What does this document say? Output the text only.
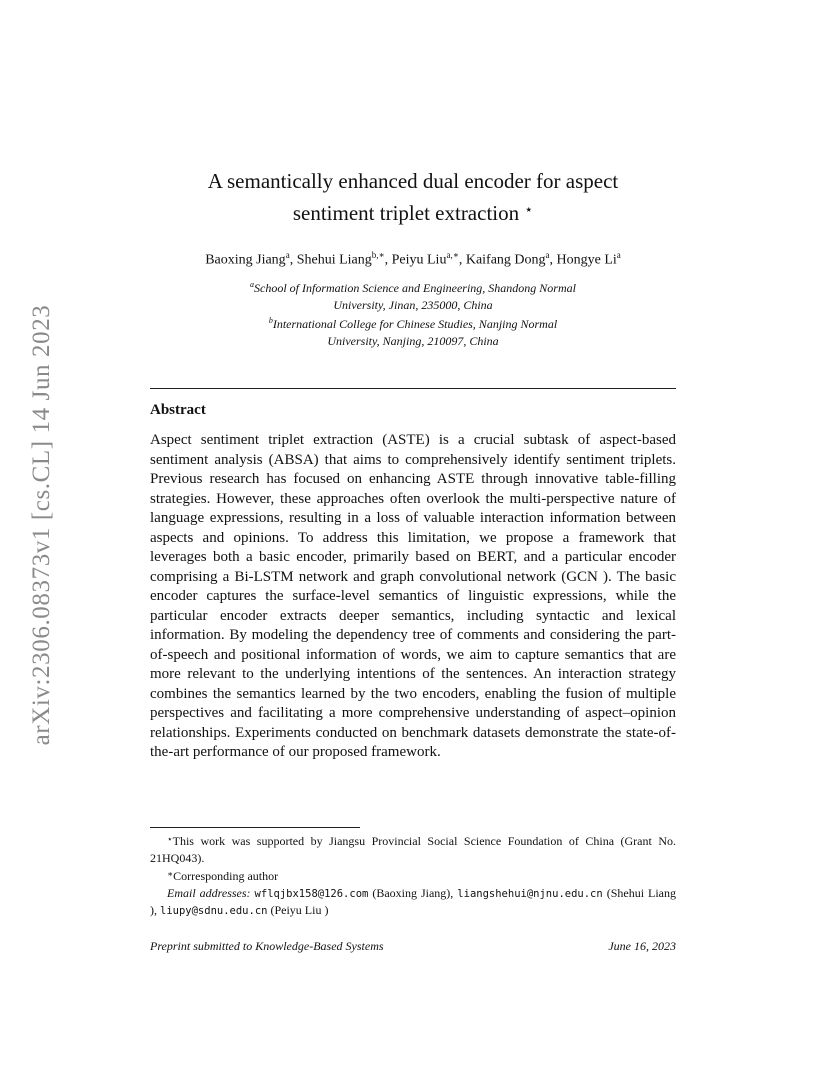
arXiv:2306.08373v1 [cs.CL] 14 Jun 2023
A semantically enhanced dual encoder for aspect
sentiment triplet extraction ⋆
Baoxing Jiang$^a$, Shehui Liang$^{b,∗}$, Peiyu Liu$^{a,∗}$, Kaifang Dong$^a$, Hongye Li$^a$
$^a$School of Information Science and Engineering, Shandong Normal
University, Jinan, 235000, China
$^b$International College for Chinese Studies, Nanjing Normal
University, Nanjing, 210097, China
Abstract
Aspect sentiment triplet extraction (ASTE) is a crucial subtask of aspect-based sentiment analysis (ABSA) that aims to comprehensively identify sentiment triplets. Previous research has focused on enhancing ASTE through innovative table-filling strategies. However, these approaches often overlook the multi-perspective nature of language expressions, resulting in a loss of valuable interaction information between aspects and opinions. To address this limitation, we propose a framework that leverages both a basic encoder, primarily based on BERT, and a particular encoder comprising a Bi-LSTM network and graph convolutional network (GCN ). The basic encoder captures the surface-level semantics of linguistic expressions, while the particular encoder extracts deeper semantics, including syntactic and lexical information. By modeling the dependency tree of comments and considering the part-of-speech and positional information of words, we aim to capture semantics that are more relevant to the underlying intentions of the sentences. An interaction strategy combines the semantics learned by the two encoders, enabling the fusion of multiple perspectives and facilitating a more comprehensive understanding of aspect–opinion relationships. Experiments conducted on benchmark datasets demonstrate the state-of-the-art performance of our proposed framework.

⋆This work was supported by Jiangsu Provincial Social Science Foundation of China (Grant No. 21HQ043).

∗Corresponding author

Email addresses: wflqjbx158@126.com (Baoxing Jiang), liangshehui@njnu.edu.cn (Shehui Liang ), liupy@sdnu.edu.cn (Peiyu Liu )

Preprint submitted to Knowledge-Based Systems	June 16, 2023
